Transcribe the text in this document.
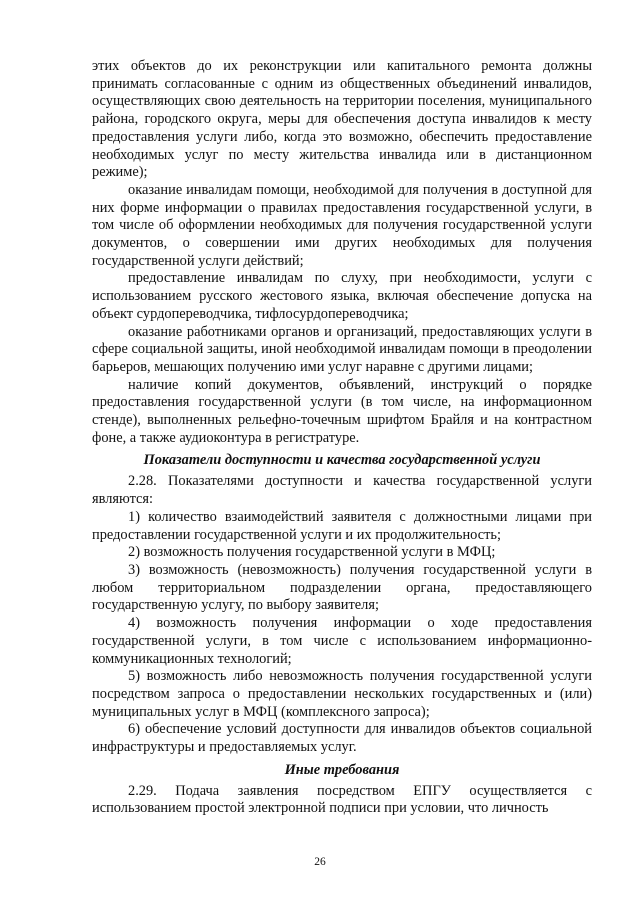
этих объектов до их реконструкции или капитального ремонта должны принимать согласованные с одним из общественных объединений инвалидов, осуществляющих свою деятельность на территории поселения, муниципального района, городского округа, меры для обеспечения доступа инвалидов к месту предоставления услуги либо, когда это возможно, обеспечить предоставление необходимых услуг по месту жительства инвалида или в дистанционном режиме);

оказание инвалидам помощи, необходимой для получения в доступной для них форме информации о правилах предоставления государственной услуги, в том числе об оформлении необходимых для получения государственной услуги документов, о совершении ими других необходимых для получения государственной услуги действий;

предоставление инвалидам по слуху, при необходимости, услуги с использованием русского жестового языка, включая обеспечение допуска на объект сурдопереводчика, тифлосурдопереводчика;

оказание работниками органов и организаций, предоставляющих услуги в сфере социальной защиты, иной необходимой инвалидам помощи в преодолении барьеров, мешающих получению ими услуг наравне с другими лицами;

наличие копий документов, объявлений, инструкций о порядке предоставления государственной услуги (в том числе, на информационном стенде), выполненных рельефно-точечным шрифтом Брайля и на контрастном фоне, а также аудиоконтура в регистратуре.

Показатели доступности и качества государственной услуги

2.28. Показателями доступности и качества государственной услуги являются:

1) количество взаимодействий заявителя с должностными лицами при предоставлении государственной услуги и их продолжительность;

2) возможность получения государственной услуги в МФЦ;

3) возможность (невозможность) получения государственной услуги в любом территориальном подразделении органа, предоставляющего государственную услугу, по выбору заявителя;

4) возможность получения информации о ходе предоставления государственной услуги, в том числе с использованием информационно-коммуникационных технологий;

5) возможность либо невозможность получения государственной услуги посредством запроса о предоставлении нескольких государственных и (или) муниципальных услуг в МФЦ (комплексного запроса);

6) обеспечение условий доступности для инвалидов объектов социальной инфраструктуры и предоставляемых услуг.

Иные требования

2.29. Подача заявления посредством ЕПГУ осуществляется с использованием простой электронной подписи при условии, что личность

26
